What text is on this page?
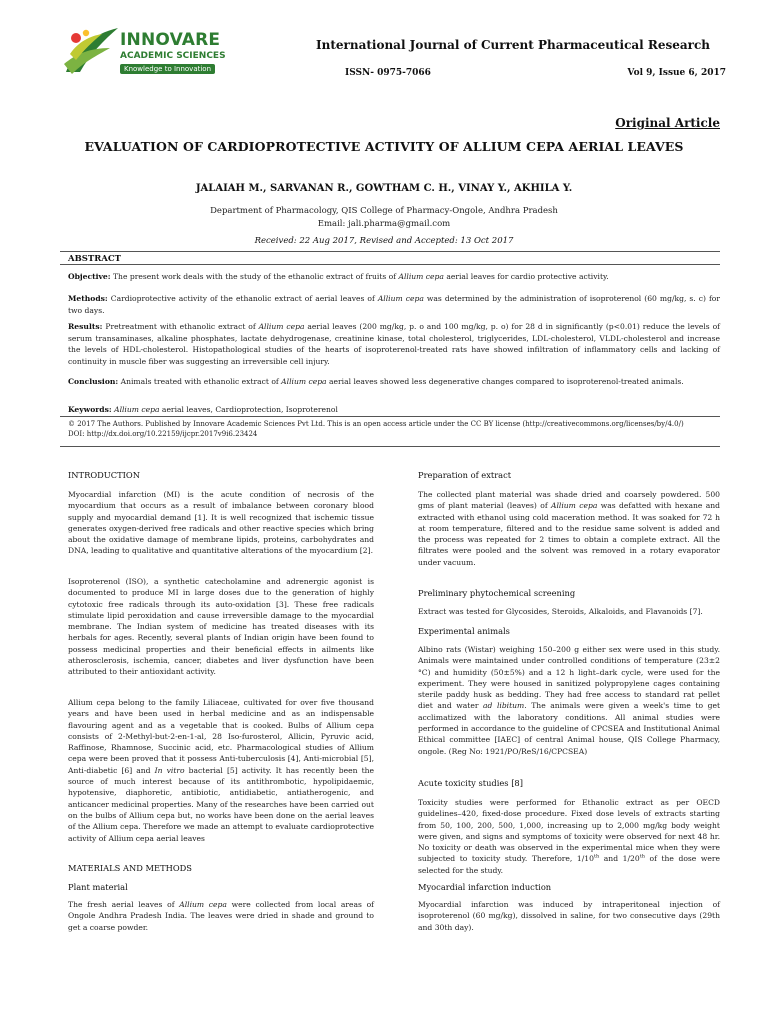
INNOVARE
ACADEMIC SCIENCES
Knowledge to Innovation
International Journal of Current Pharmaceutical Research
ISSN- 0975-7066	Vol 9, Issue 6, 2017
Original Article
EVALUATION OF CARDIOPROTECTIVE ACTIVITY OF ALLIUM CEPA AERIAL LEAVES
JALAIAH M., SARVANAN R., GOWTHAM C. H., VINAY Y., AKHILA Y.
Department of Pharmacology, QIS College of Pharmacy-Ongole, Andhra Pradesh
Email: jali.pharma@gmail.com
Received: 22 Aug 2017, Revised and Accepted: 13 Oct 2017
ABSTRACT

Objective: The present work deals with the study of the ethanolic extract of fruits of Allium cepa aerial leaves for cardio protective activity.

Methods: Cardioprotective activity of the ethanolic extract of aerial leaves of Allium cepa was determined by the administration of isoproterenol (60 mg/kg, s. c) for two days.

Results: Pretreatment with ethanolic extract of Allium cepa aerial leaves (200 mg/kg, p. o and 100 mg/kg, p. o) for 28 d in significantly (p<0.01) reduce the levels of serum transaminases, alkaline phosphates, lactate dehydrogenase, creatinine kinase, total cholesterol, triglycerides, LDL-cholesterol, VLDL-cholesterol and increase the levels of HDL-cholesterol. Histopathological studies of the hearts of isoproterenol-treated rats have showed infiltration of inflammatory cells and lacking of continuity in muscle fiber was suggesting an irreversible cell injury.

Conclusion: Animals treated with ethanolic extract of Allium cepa aerial leaves showed less degenerative changes compared to isoproterenol-treated animals.

Keywords: Allium cepa aerial leaves, Cardioprotection, Isoproterenol

© 2017 The Authors. Published by Innovare Academic Sciences Pvt Ltd. This is an open access article under the CC BY license (http://creativecommons.org/licenses/by/4.0/)
DOI: http://dx.doi.org/10.22159/ijcpr.2017v9i6.23424

INTRODUCTION

Myocardial infarction (MI) is the acute condition of necrosis of the myocardium that occurs as a result of imbalance between coronary blood supply and myocardial demand [1]. It is well recognized that ischemic tissue generates oxygen-derived free radicals and other reactive species which bring about the oxidative damage of membrane lipids, proteins, carbohydrates and DNA, leading to qualitative and quantitative alterations of the myocardium [2].

Isoproterenol (ISO), a synthetic catecholamine and adrenergic agonist is documented to produce MI in large doses due to the generation of highly cytotoxic free radicals through its auto-oxidation [3]. These free radicals stimulate lipid peroxidation and cause irreversible damage to the myocardial membrane. The Indian system of medicine has treated diseases with its herbals for ages. Recently, several plants of Indian origin have been found to possess medicinal properties and their beneficial effects in ailments like atherosclerosis, ischemia, cancer, diabetes and liver dysfunction have been attributed to their antioxidant activity.

Allium cepa belong to the family Liliaceae, cultivated for over five thousand years and have been used in herbal medicine and as an indispensable flavouring agent and as a vegetable that is cooked. Bulbs of Allium cepa consists of 2-Methyl-but-2-en-1-al, 28 Iso-furosterol, Allicin, Pyruvic acid, Raffinose, Rhamnose, Succinic acid, etc. Pharmacological studies of Allium cepa were been proved that it possess Anti-tuberculosis [4], Anti-microbial [5], Anti-diabetic [6] and In vitro bacterial [5] activity. It has recently been the source of much interest because of its antithrombotic, hypolipidaemic, hypotensive, diaphoretic, antibiotic, antidiabetic, antiatherogenic, and anticancer medicinal properties. Many of the researches have been carried out on the bulbs of Allium cepa but, no works have been done on the aerial leaves of the Allium cepa. Therefore we made an attempt to evaluate cardioprotective activity of Allium cepa aerial leaves

MATERIALS AND METHODS
Plant material

The fresh aerial leaves of Allium cepa were collected from local areas of Ongole Andhra Pradesh India. The leaves were dried in shade and ground to get a coarse powder.

Preparation of extract

The collected plant material was shade dried and coarsely powdered. 500 gms of plant material (leaves) of Allium cepa was defatted with hexane and extracted with ethanol using cold maceration method. It was soaked for 72 h at room temperature, filtered and to the residue same solvent is added and the process was repeated for 2 times to obtain a complete extract. All the filtrates were pooled and the solvent was removed in a rotary evaporator under vacuum.

Preliminary phytochemical screening

Extract was tested for Glycosides, Steroids, Alkaloids, and Flavanoids [7].

Experimental animals

Albino rats (Wistar) weighing 150–200 g either sex were used in this study. Animals were maintained under controlled conditions of temperature (23±2 °C) and humidity (50±5%) and a 12 h light–dark cycle, were used for the experiment. They were housed in sanitized polypropylene cages containing sterile paddy husk as bedding. They had free access to standard rat pellet diet and water ad libitum. The animals were given a week's time to get acclimatized with the laboratory conditions. All animal studies were performed in accordance to the guideline of CPCSEA and Institutional Animal Ethical committee [IAEC] of central Animal house, QIS College Pharmacy, ongole. (Reg No: 1921/PO/ReS/16/CPCSEA)

Acute toxicity studies [8]

Toxicity studies were performed for Ethanolic extract as per OECD guidelines–420, fixed-dose procedure. Fixed dose levels of extracts starting from 50, 100, 200, 500, 1,000, increasing up to 2,000 mg/kg body weight were given, and signs and symptoms of toxicity were observed for next 48 hr. No toxicity or death was observed in the experimental mice when they were subjected to toxicity study. Therefore, 1/10th and 1/20th of the dose were selected for the study.

Myocardial infarction induction

Myocardial infarction was induced by intraperitoneal injection of isoproterenol (60 mg/kg), dissolved in saline, for two consecutive days (29th and 30th day).
